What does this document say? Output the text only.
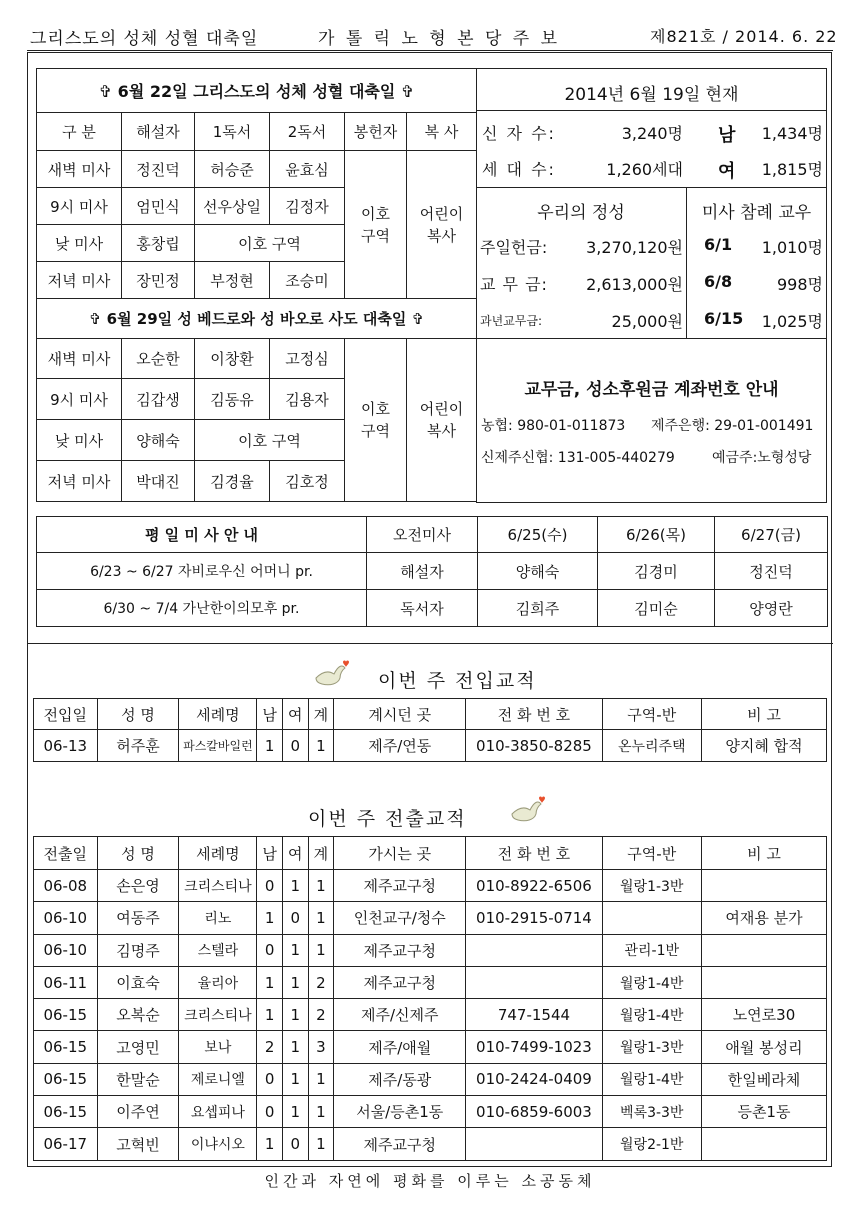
그리스도의 성체 성혈 대축일	가 톨 릭 노 형 본 당 주 보	제821호 / 2014. 6. 22
✞ 6월 22일 그리스도의 성체 성혈 대축일 ✞					
구 분	해설자	1독서	2독서	봉헌자	복 사
새벽 미사	정진덕	허승준	윤효심	이호 구역	어린이 복사
9시 미사	엄민식	선우상일	김정자		
낮 미사	홍창립	이호 구역			
저녁 미사	장민정	부정현	조승미		
✞ 6월 29일 성 베드로와 성 바오로 사도 대축일 ✞					
새벽 미사	오순한	이창환	고정심	이호 구역	어린이 복사
9시 미사	김갑생	김동유	김용자		
낮 미사	양해숙	이호 구역			
저녁 미사	박대진	김경율	김호정		
2014년 6월 19일 현재
신 자 수:	3,240명 남	1,434명
세 대 수:	1,260세대 여	1,815명
우리의 정성
주일헌금:	3,270,120원
교 무 금:	2,613,000원
과년교무금:	25,000원
미사 참례 교우
6/1	1,010명
6/8	998명
6/15	1,025명
교무금, 성소후원금 계좌번호 안내
농협: 980-01-011873 제주은행: 29-01-001491
신제주신협: 131-005-440279	예금주:노형성당
평 일 미 사 안 내	오전미사	6/25(수)	6/26(목)	6/27(금)
6/23 ~ 6/27 자비로우신 어머니 pr.	해설자	양해숙	김경미	정진덕
6/30 ~ 7/4 가난한이의모후 pr.	독서자	김희주	김미순	양영란
이번 주 전입교적
전입일	성 명	세례명	남	여	계	계시던 곳	전 화 번 호	구역-반	비 고
06-13	허주훈	파스칼바일런	1	0	1	제주/연동	010-3850-8285	온누리주택	양지혜 합적
이번 주 전출교적
전출일	성 명	세례명	남	여	계	가시는 곳	전 화 번 호	구역-반	비 고
06-08	손은영	크리스티나	0	1	1	제주교구청	010-8922-6506	월랑1-3반	
06-10	여동주	리노	1	0	1	인천교구/청수	010-2915-0714		여재용 분가
06-10	김명주	스텔라	0	1	1	제주교구청		관리-1반	
06-11	이효숙	율리아	1	1	2	제주교구청		월랑1-4반	
06-15	오복순	크리스티나	1	1	2	제주/신제주	747-1544	월랑1-4반	노연로30
06-15	고영민	보나	2	1	3	제주/애월	010-7499-1023	월랑1-3반	애월 봉성리
06-15	한말순	제로니엘	0	1	1	제주/동광	010-2424-0409	월랑1-4반	한일베라체
06-15	이주연	요셉피나	0	1	1	서울/등촌1동	010-6859-6003	벡록3-3반	등촌1동
06-17	고혁빈	이냐시오	1	0	1	제주교구청		월랑2-1반	
인간과 자연에 평화를 이루는 소공동체
